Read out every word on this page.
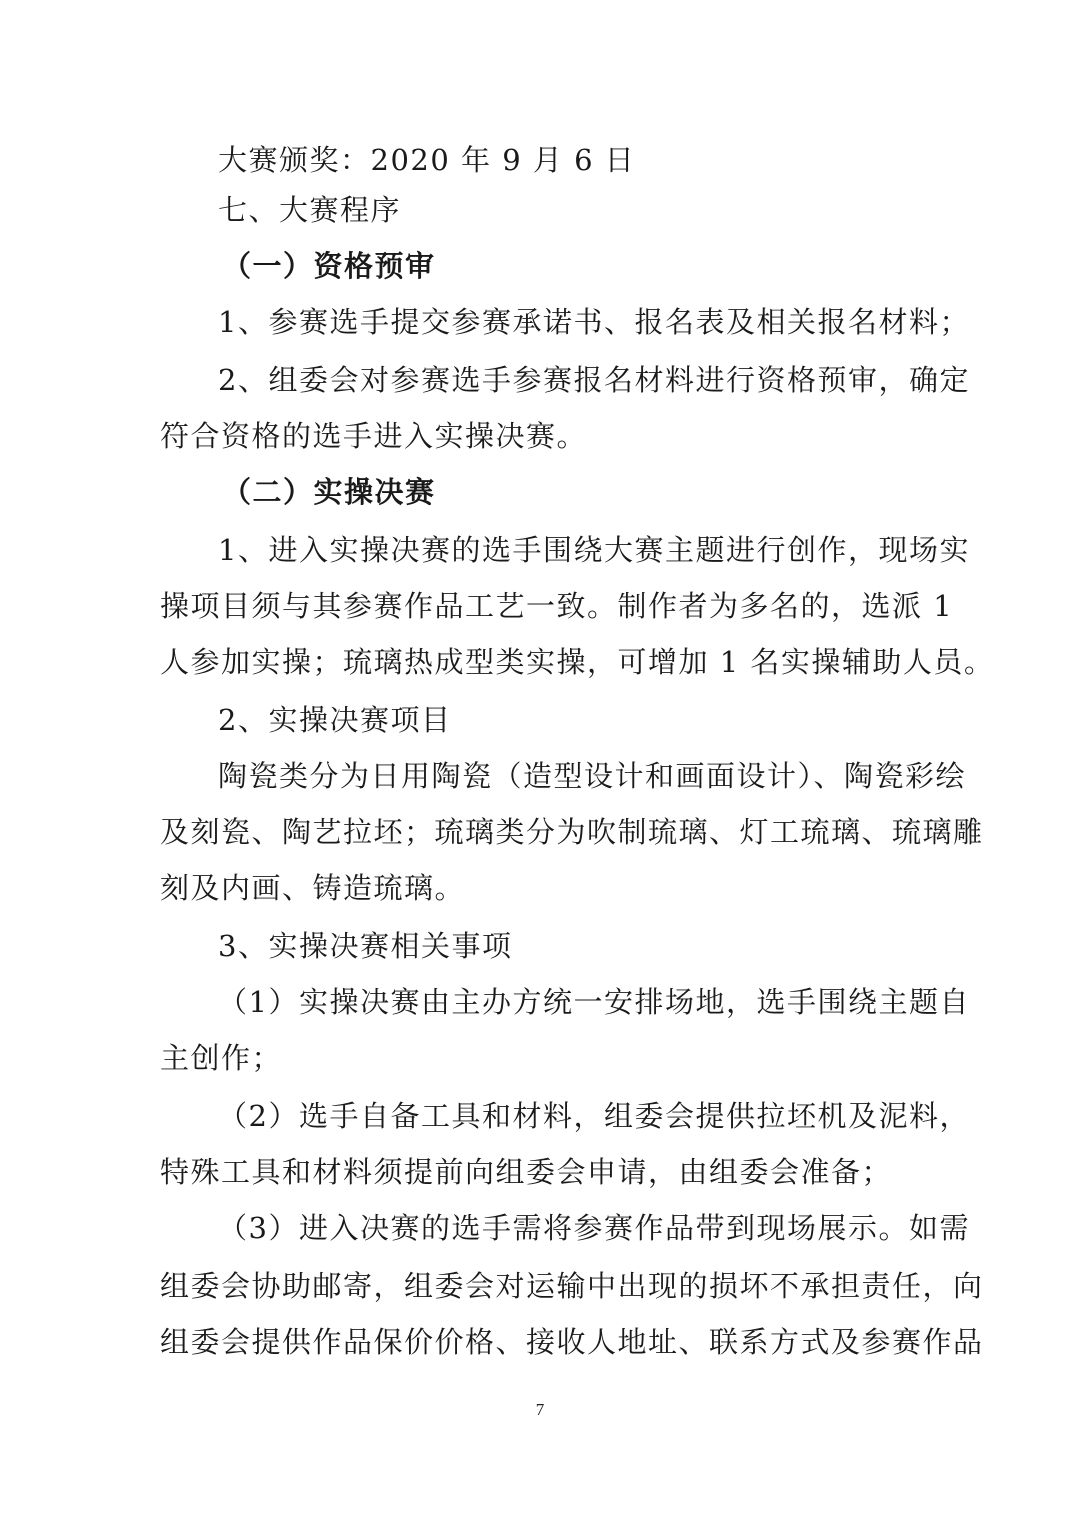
大赛颁奖：2020 年 9 月 6 日

七、大赛程序

（一）资格预审

1、参赛选手提交参赛承诺书、报名表及相关报名材料；

2、组委会对参赛选手参赛报名材料进行资格预审，确定

符合资格的选手进入实操决赛。

（二）实操决赛

1、进入实操决赛的选手围绕大赛主题进行创作，现场实

操项目须与其参赛作品工艺一致。制作者为多名的，选派 1

人参加实操；琉璃热成型类实操，可增加 1 名实操辅助人员。

2、实操决赛项目

陶瓷类分为日用陶瓷（造型设计和画面设计）、陶瓷彩绘

及刻瓷、陶艺拉坯；琉璃类分为吹制琉璃、灯工琉璃、琉璃雕

刻及内画、铸造琉璃。

3、实操决赛相关事项

（1）实操决赛由主办方统一安排场地，选手围绕主题自

主创作；

（2）选手自备工具和材料，组委会提供拉坯机及泥料，

特殊工具和材料须提前向组委会申请，由组委会准备；

（3）进入决赛的选手需将参赛作品带到现场展示。如需

组委会协助邮寄，组委会对运输中出现的损坏不承担责任，向

组委会提供作品保价价格、接收人地址、联系方式及参赛作品

7
